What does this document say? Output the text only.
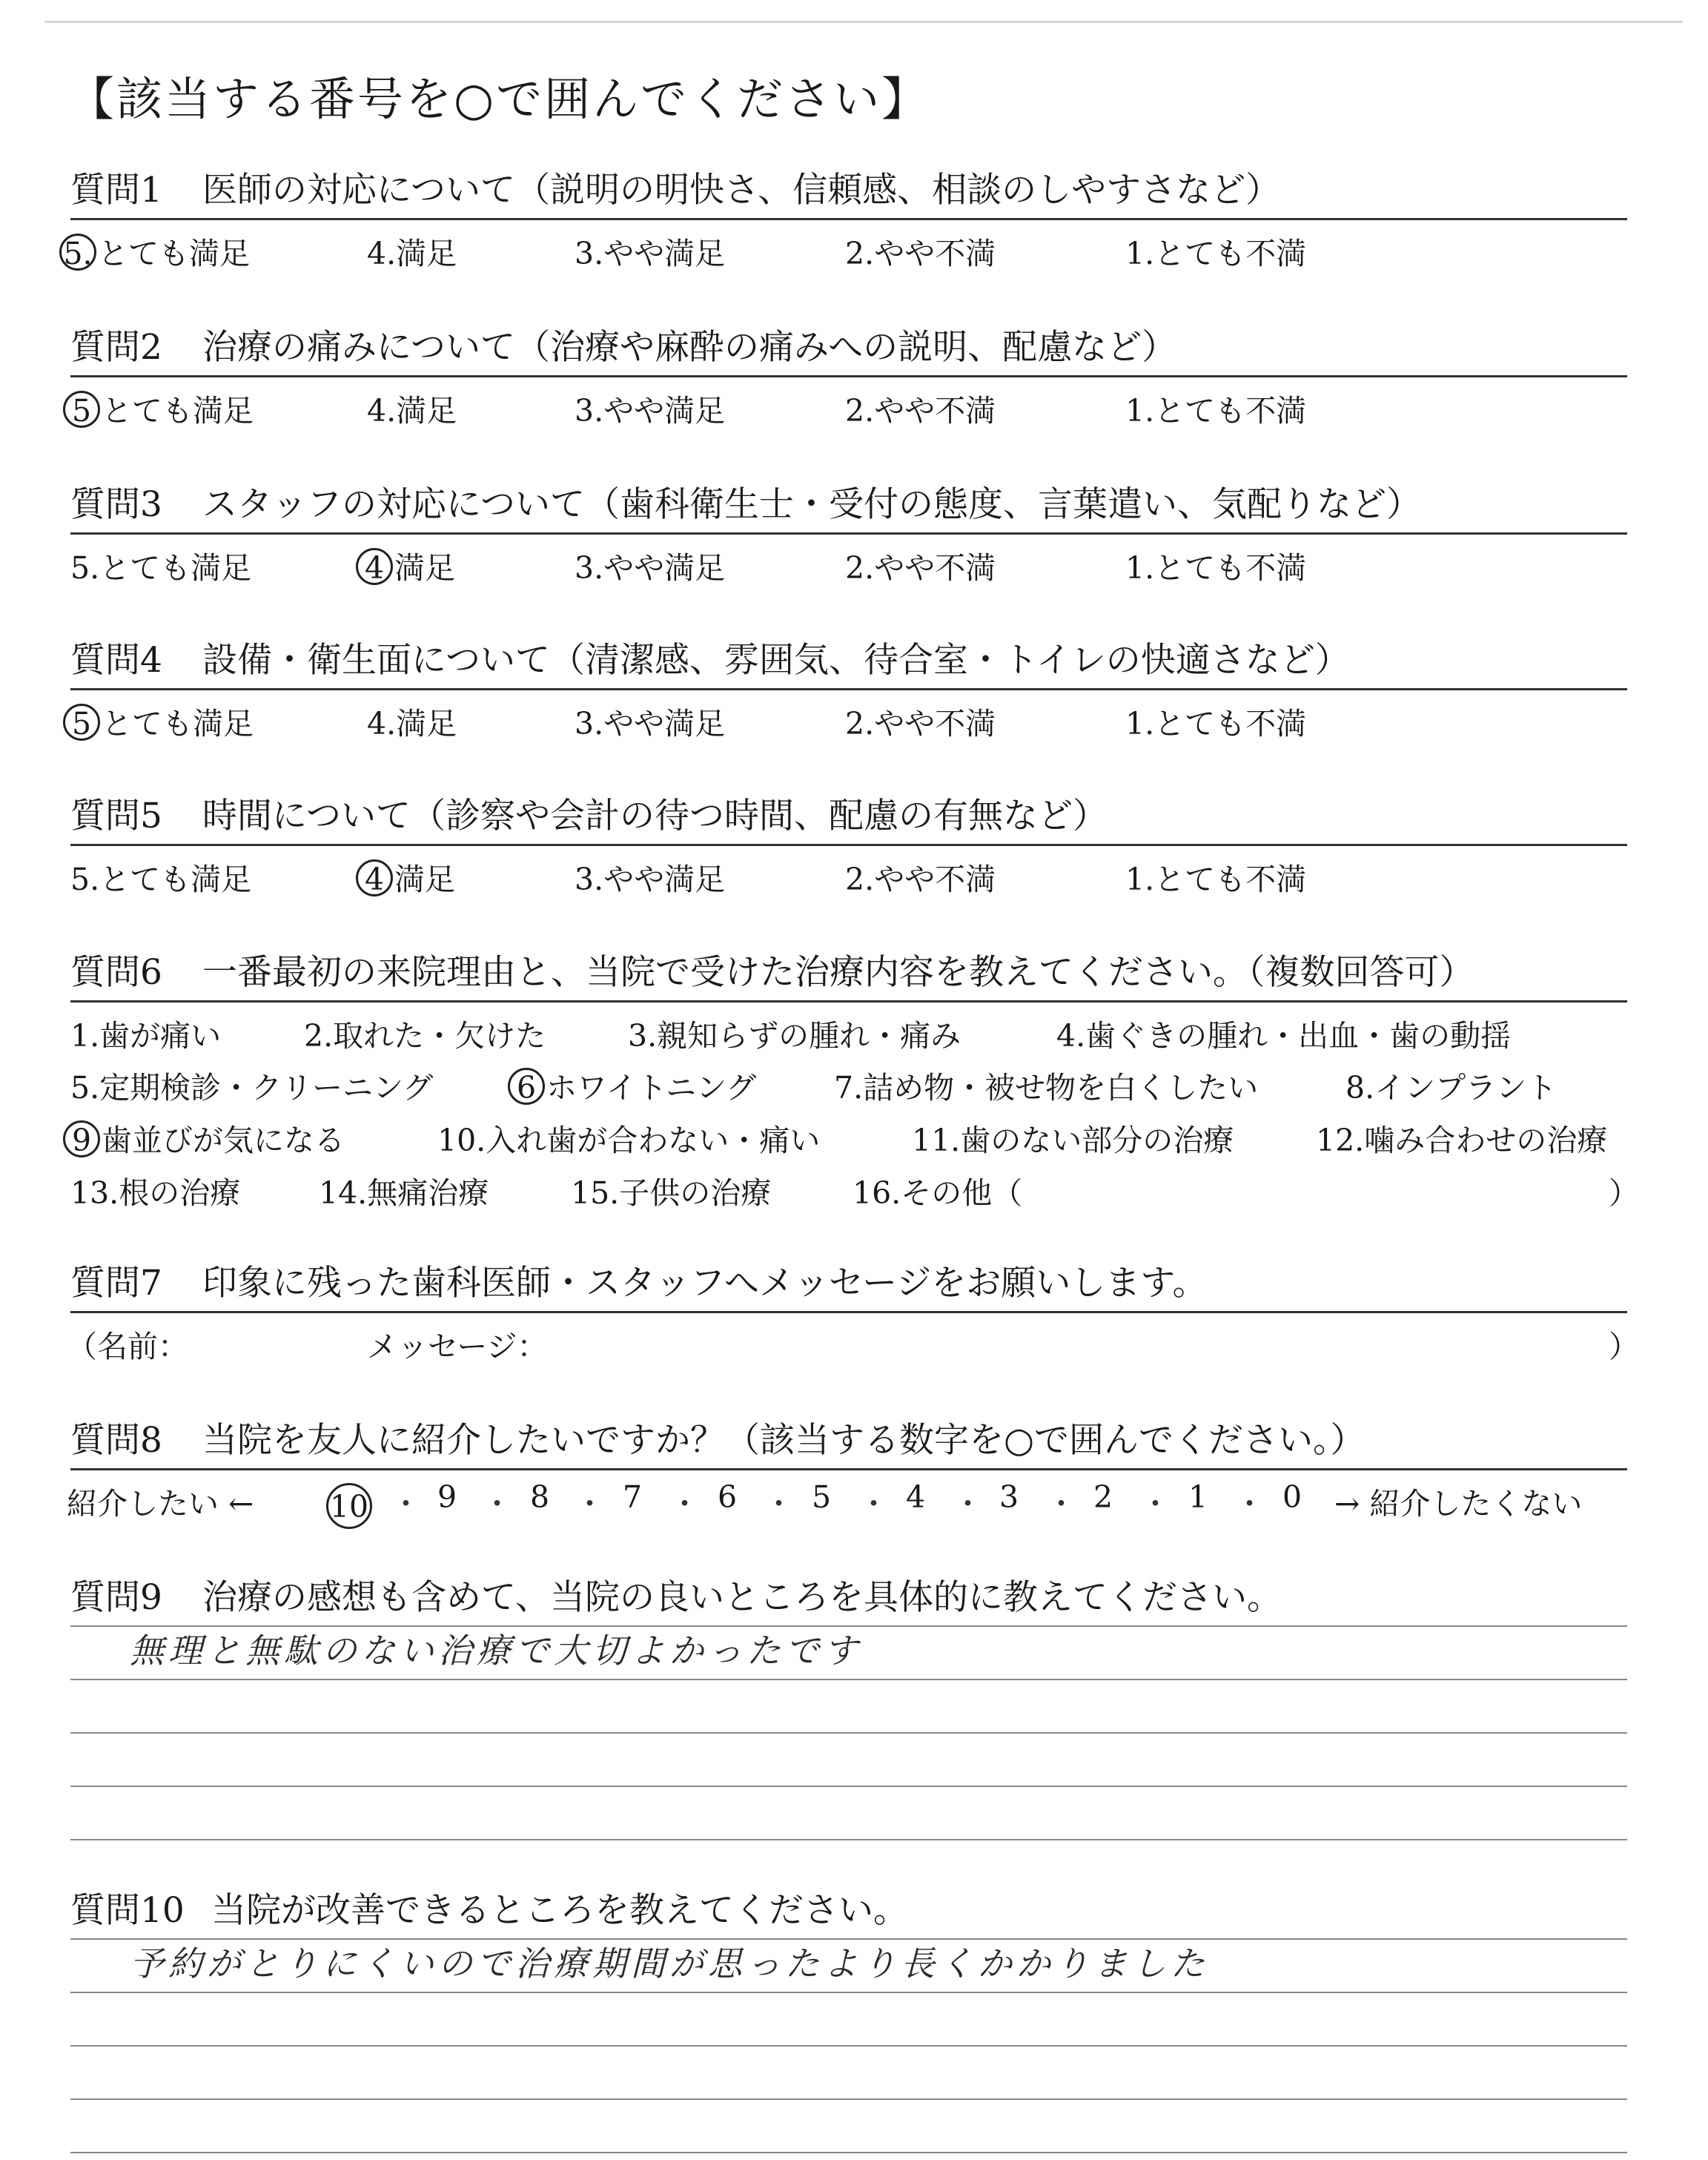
【該当する番号を○で囲んでください】
質問1 医師の対応について（説明の明快さ、信頼感、相談のしやすさなど）
5. とても満足	4.満足	3.やや満足	2.やや不満	1.とても不満
質問2 治療の痛みについて（治療や麻酔の痛みへの説明、配慮など）
5 とても満足	4.満足	3.やや満足	2.やや不満	1.とても不満
質問3 スタッフの対応について（歯科衛生士・受付の態度、言葉遣い、気配りなど）
5.とても満足	4 満足	3.やや満足	2.やや不満	1.とても不満
質問4 設備・衛生面について（清潔感、雰囲気、待合室・トイレの快適さなど）
5 とても満足	4.満足	3.やや満足	2.やや不満	1.とても不満
質問5 時間について（診察や会計の待つ時間、配慮の有無など）
5.とても満足	4 満足	3.やや満足	2.やや不満	1.とても不満
質問6 一番最初の来院理由と、当院で受けた治療内容を教えてください。（複数回答可）
1.歯が痛い	2.取れた・欠けた	3.親知らずの腫れ・痛み	4.歯ぐきの腫れ・出血・歯の動揺
5.定期検診・クリーニング	6 ホワイトニング	7.詰め物・被せ物を白くしたい	8.インプラント
9 歯並びが気になる	10.入れ歯が合わない・痛い	11.歯のない部分の治療	12.噛み合わせの治療
13.根の治療	14.無痛治療	15.子供の治療	16.その他（	）
質問7 印象に残った歯科医師・スタッフへメッセージをお願いします。
（名前：	メッセージ：	）
質問8 当院を友人に紹介したいですか？（該当する数字を○で囲んでください。）
紹介したい ←	10 ・ 9 ・ 8 ・ 7 ・ 6 ・ 5 ・ 4 ・ 3 ・ 2 ・ 1 ・ 0 → 紹介したくない
質問9 治療の感想も含めて、当院の良いところを具体的に教えてください。
無理と無駄のない治療で大切よかったです
質問10 当院が改善できるところを教えてください。
予約がとりにくいので治療期間が思ったより長くかかりました
